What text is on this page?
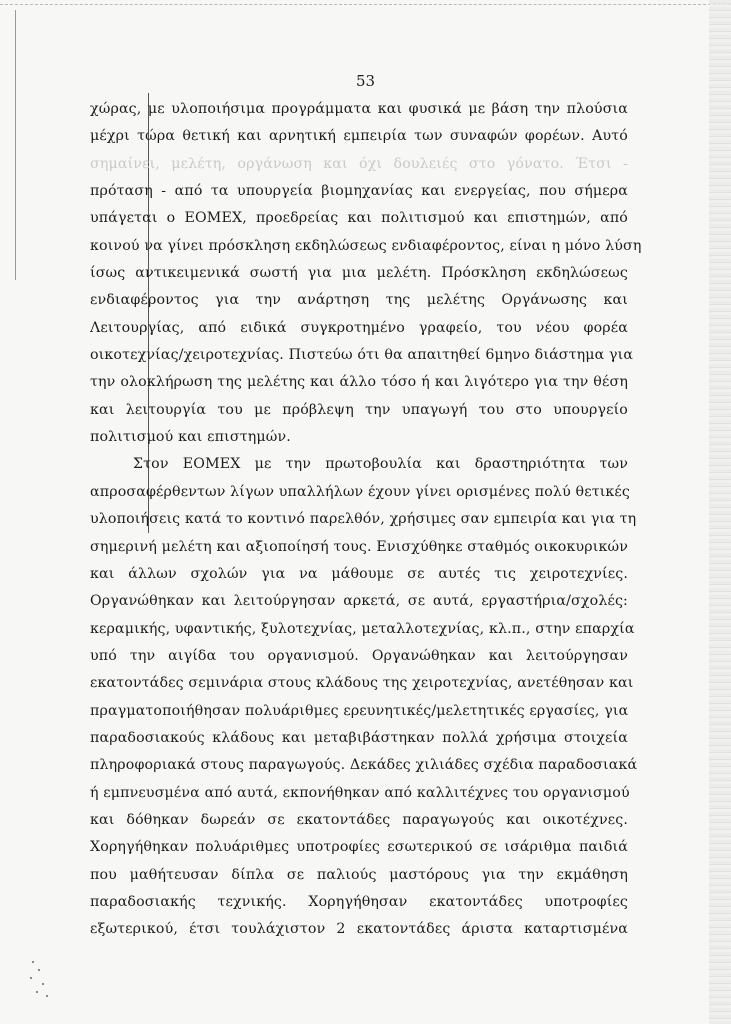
53
χώρας, με υλοποιήσιμα προγράμματα και φυσικά με βάση την πλούσια
μέχρι τώρα θετική και αρνητική εμπειρία των συναφών φορέων. Αυτό
σημαίνει, μελέτη, οργάνωση και όχι δουλειές στο γόνατο. Έτσι -
πρόταση - από τα υπουργεία βιομηχανίας και ενεργείας, που σήμερα
υπάγεται ο ΕΟΜΕΧ, προεδρείας και πολιτισμού και επιστημών, από
κοινού να γίνει πρόσκληση εκδηλώσεως ενδιαφέροντος, είναι η μόνο λύση
ίσως αντικειμενικά σωστή για μια μελέτη. Πρόσκληση εκδηλώσεως
ενδιαφέροντος για την ανάρτηση της μελέτης Οργάνωσης και
Λειτουργίας, από ειδικά συγκροτημένο γραφείο, του νέου φορέα
οικοτεχνίας/χειροτεχνίας. Πιστεύω ότι θα απαιτηθεί 6μηνο διάστημα για
την ολοκλήρωση της μελέτης και άλλο τόσο ή και λιγότερο για την θέση
και λειτουργία του με πρόβλεψη την υπαγωγή του στο υπουργείο
πολιτισμού και επιστημών.
Στον ΕΟΜΕΧ με την πρωτοβουλία και δραστηριότητα των
απροσαφέρθεντων λίγων υπαλλήλων έχουν γίνει ορισμένες πολύ θετικές
υλοποιήσεις κατά το κοντινό παρελθόν, χρήσιμες σαν εμπειρία και για τη
σημερινή μελέτη και αξιοποίησή τους. Ενισχύθηκε σταθμός οικοκυρικών
και άλλων σχολών για να μάθουμε σε αυτές τις χειροτεχνίες.
Οργανώθηκαν και λειτούργησαν αρκετά, σε αυτά, εργαστήρια/σχολές:
κεραμικής, υφαντικής, ξυλοτεχνίας, μεταλλοτεχνίας, κλ.π., στην επαρχία
υπό την αιγίδα του οργανισμού. Οργανώθηκαν και λειτούργησαν
εκατοντάδες σεμινάρια στους κλάδους της χειροτεχνίας, ανετέθησαν και
πραγματοποιήθησαν πολυάριθμες ερευνητικές/μελετητικές εργασίες, για
παραδοσιακούς κλάδους και μεταβιβάστηκαν πολλά χρήσιμα στοιχεία
πληροφοριακά στους παραγωγούς. Δεκάδες χιλιάδες σχέδια παραδοσιακά
ή εμπνευσμένα από αυτά, εκπονήθηκαν από καλλιτέχνες του οργανισμού
και δόθηκαν δωρεάν σε εκατοντάδες παραγωγούς και οικοτέχνες.
Χορηγήθηκαν πολυάριθμες υποτροφίες εσωτερικού σε ισάριθμα παιδιά
που μαθήτευσαν δίπλα σε παλιούς μαστόρους για την εκμάθηση
παραδοσιακής τεχνικής. Χορηγήθησαν εκατοντάδες υποτροφίες
εξωτερικού, έτσι τουλάχιστον 2 εκατοντάδες άριστα καταρτισμένα
